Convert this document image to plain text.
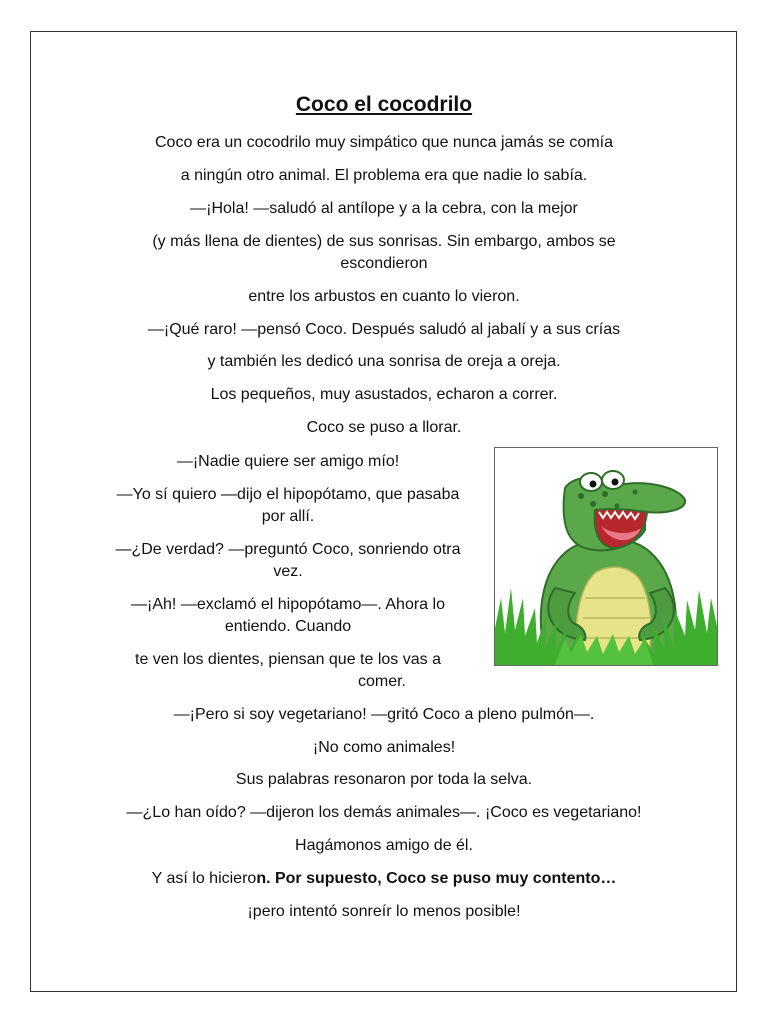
Coco el cocodrilo
Coco era un cocodrilo muy simpático que nunca jamás se comía
a ningún otro animal. El problema era que nadie lo sabía.
—¡Hola! —saludó al antílope y a la cebra, con la mejor
(y más llena de dientes) de sus sonrisas. Sin embargo, ambos se
escondieron
entre los arbustos en cuanto lo vieron.
—¡Qué raro! —pensó Coco. Después saludó al jabalí y a sus crías
y también les dedicó una sonrisa de oreja a oreja.
Los pequeños, muy asustados, echaron a correr.
Coco se puso a llorar.
—¡Nadie quiere ser amigo mío!
—Yo sí quiero —dijo el hipopótamo, que pasaba
por allí.
—¿De verdad? —preguntó Coco, sonriendo otra
vez.
—¡Ah! —exclamó el hipopótamo—. Ahora lo
entiendo. Cuando
te ven los dientes, piensan que te los vas a
comer.
—¡Pero si soy vegetariano! —gritó Coco a pleno pulmón—.
¡No como animales!
Sus palabras resonaron por toda la selva.
—¿Lo han oído? —dijeron los demás animales—. ¡Coco es vegetariano!
Hagámonos amigo de él.
Y así lo hicieron. Por supuesto, Coco se puso muy contento…
¡pero intentó sonreír lo menos posible!
